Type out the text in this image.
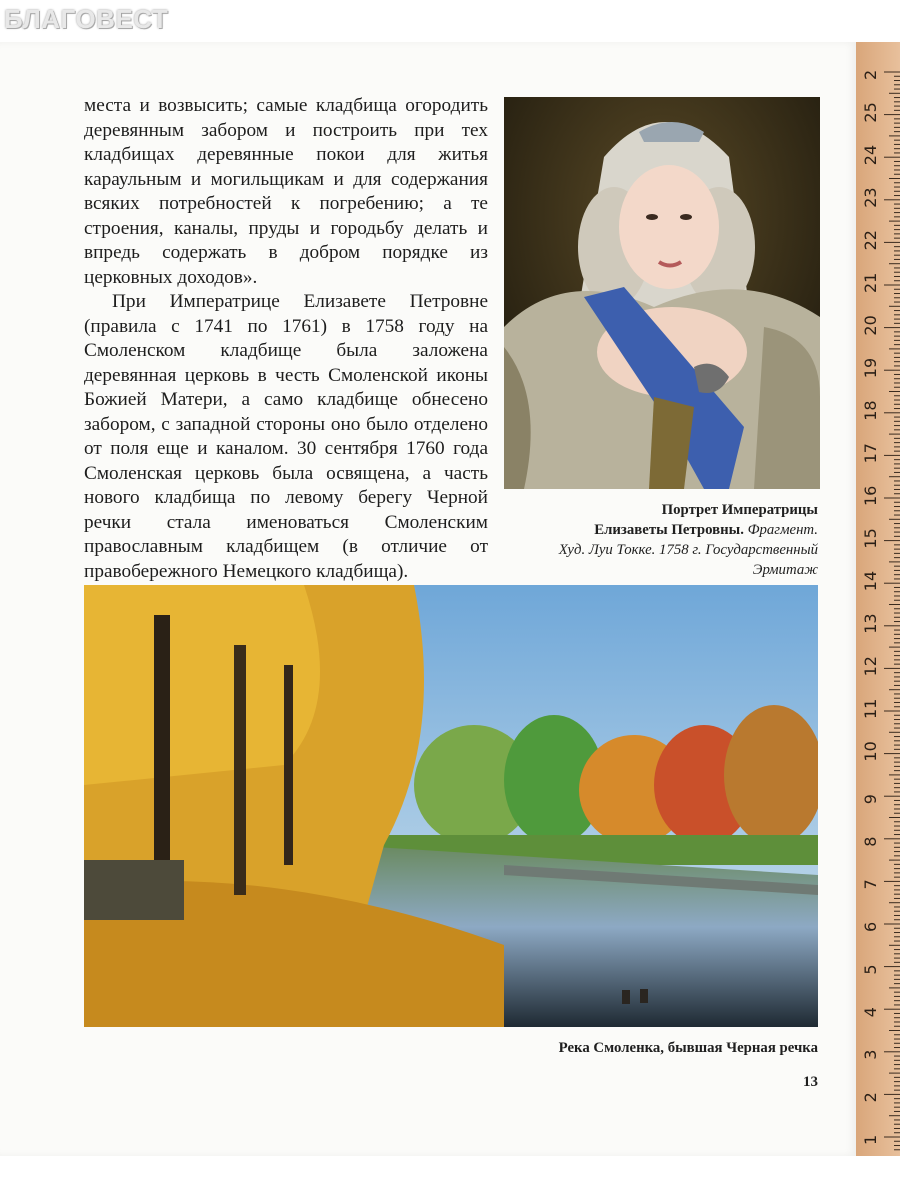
БЛАГОВЕСТ

места и возвысить; самые кладбища огородить деревянным забором и построить при тех кладбищах деревянные покои для житья караульным и могильщикам и для содержания всяких потребностей к погребению; а те строения, каналы, пруды и городьбу делать и впредь содержать в добром порядке из церковных доходов».

При Императрице Елизавете Петровне (правила с 1741 по 1761) в 1758 году на Смоленском кладбище была заложена деревянная церковь в честь Смоленской иконы Божией Матери, а само кладбище обнесено забором, с западной стороны оно было отделено от поля еще и каналом. 30 сентября 1760 года Смоленская церковь была освящена, а часть нового кладбища по левому берегу Черной речки стала именоваться Смоленским православным кладбищем (в отличие от правобережного Немецкого кладбища).

Портрет Императрицы
Елизаветы Петровны. Фрагмент.
Худ. Луи Токке. 1758 г. Государственный
Эрмитаж
Река Смоленка, бывшая Черная речка
13
2
25
24
23
22
21
20
19
18
17
16
15
14
13
12
11
10
9
8
7
6
5
4
3
2
1
